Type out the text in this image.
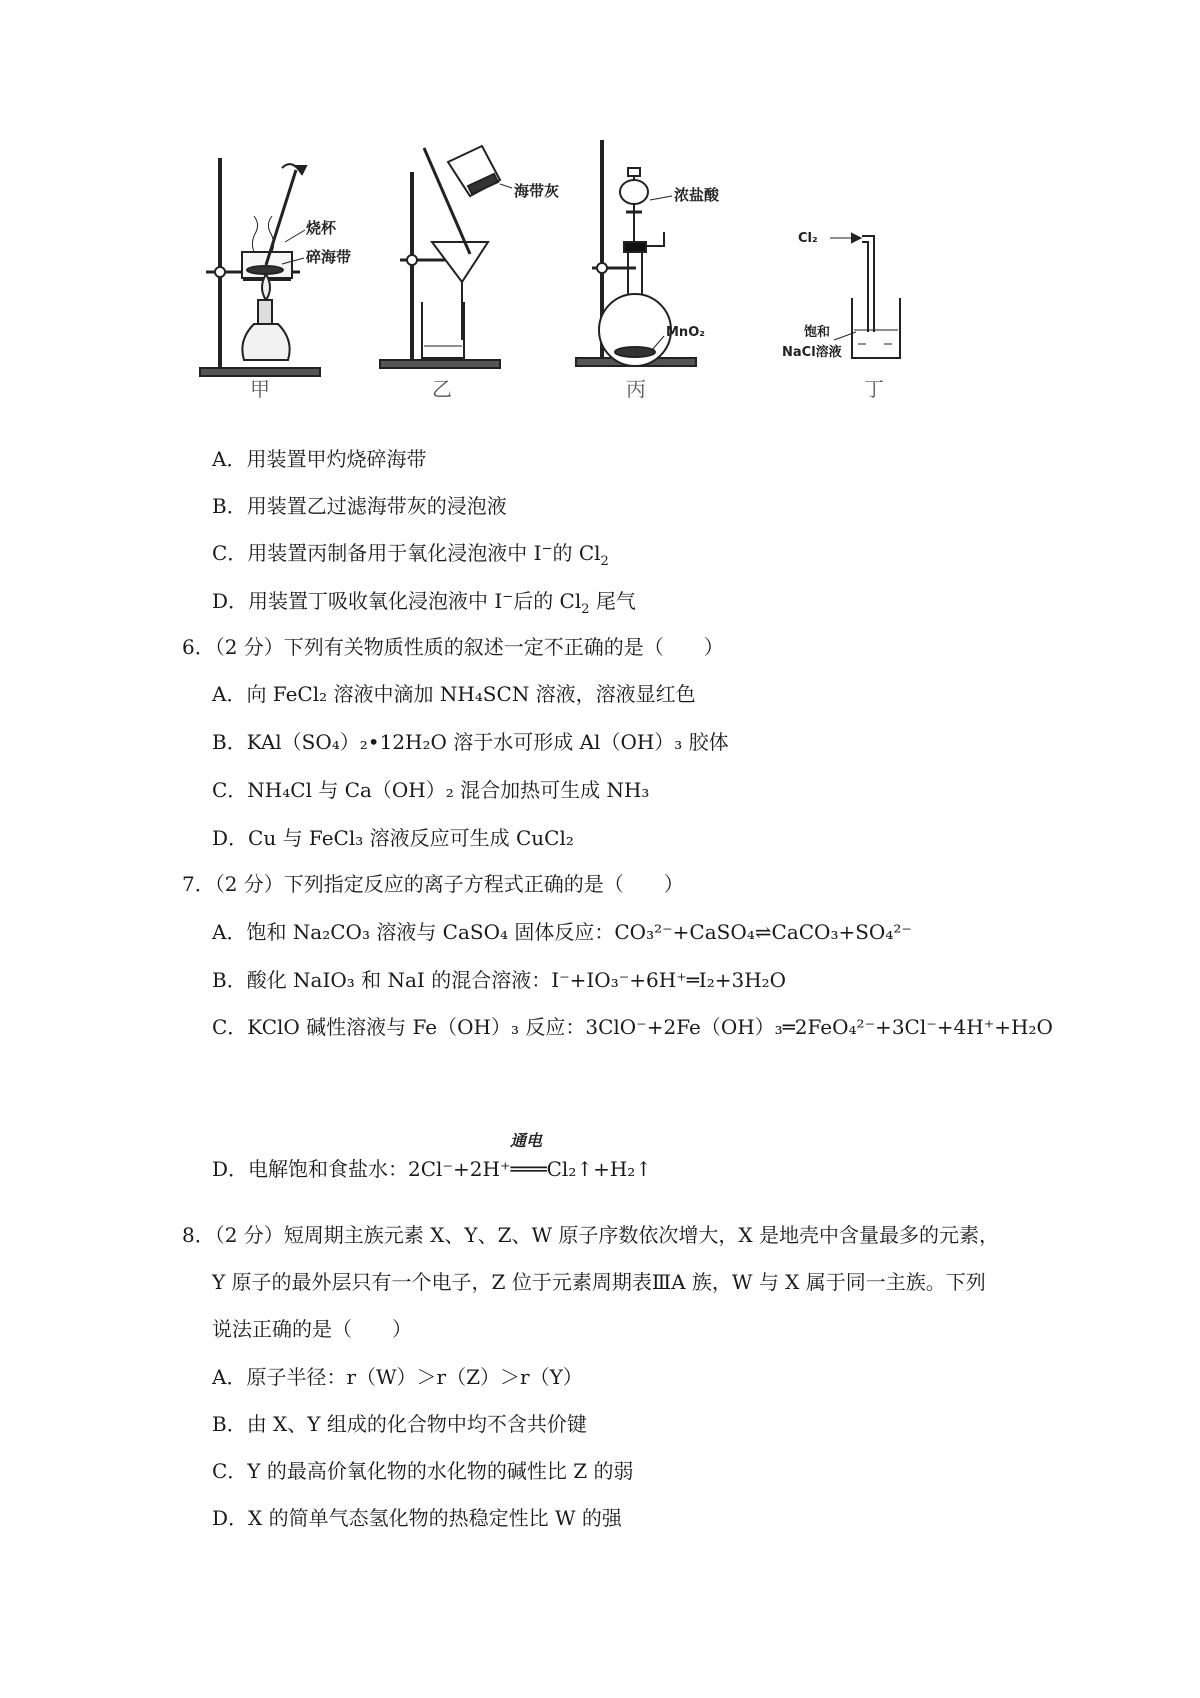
烧杯
碎海带
海带灰	浓盐酸
MnO₂
Cl₂
饱和
NaCl溶液
甲	乙	丙	丁
A．用装置甲灼烧碎海带
B．用装置乙过滤海带灰的浸泡液
C．用装置丙制备用于氧化浸泡液中 I−的 $Cl_2$
D．用装置丁吸收氧化浸泡液中 I−后的 $Cl_2$ 尾气
6．（2 分）下列有关物质性质的叙述一定不正确的是（　　）
A．向 FeCl₂ 溶液中滴加 NH₄SCN 溶液，溶液显红色
B．KAl（SO₄）₂•12H₂O 溶于水可形成 Al（OH）₃ 胶体
C．NH₄Cl 与 Ca（OH）₂ 混合加热可生成 NH₃
D．Cu 与 FeCl₃ 溶液反应可生成 CuCl₂
7．（2 分）下列指定反应的离子方程式正确的是（　　）
A．饱和 Na₂CO₃ 溶液与 CaSO₄ 固体反应：CO₃²⁻+CaSO₄⇌CaCO₃+SO₄²⁻
B．酸化 NaIO₃ 和 NaI 的混合溶液：I⁻+IO₃⁻+6H⁺═I₂+3H₂O
C．KClO 碱性溶液与 Fe（OH）₃ 反应：3ClO⁻+2Fe（OH）₃═2FeO₄²⁻+3Cl⁻+4H⁺+H₂O
通电
D．电解饱和食盐水：2Cl⁻+2H⁺═══Cl₂↑+H₂↑
8．（2 分）短周期主族元素 X、Y、Z、W 原子序数依次增大，X 是地壳中含量最多的元素，
Y 原子的最外层只有一个电子，Z 位于元素周期表ⅢA 族，W 与 X 属于同一主族。下列
说法正确的是（　　）
A．原子半径：r（W）＞r（Z）＞r（Y）
B．由 X、Y 组成的化合物中均不含共价键
C．Y 的最高价氧化物的水化物的碱性比 Z 的弱
D．X 的简单气态氢化物的热稳定性比 W 的强
